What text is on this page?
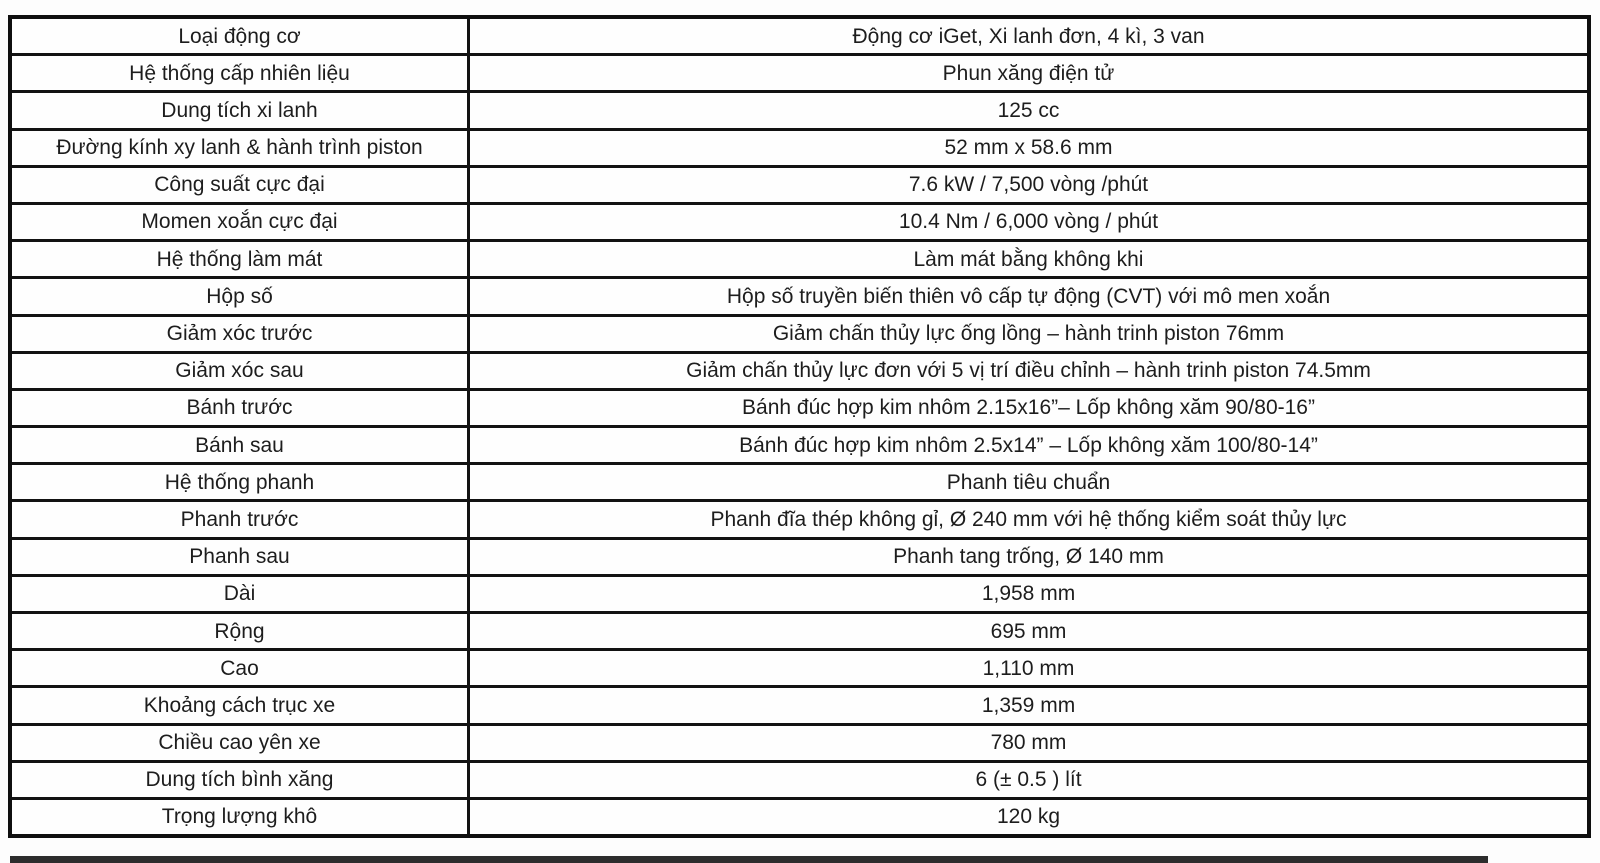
Loại động cơ	Động cơ iGet, Xi lanh đơn, 4 kì, 3 van
Hệ thống cấp nhiên liệu	Phun xăng điện tử
Dung tích xi lanh	125 cc
Đường kính xy lanh & hành trình piston	52 mm x 58.6 mm
Công suất cực đại	7.6 kW / 7,500 vòng /phút
Momen xoắn cực đại	10.4 Nm / 6,000 vòng / phút
Hệ thống làm mát	Làm mát bằng không khi
Hộp số	Hộp số truyền biến thiên vô cấp tự động (CVT) với mô men xoắn
Giảm xóc trước	Giảm chấn thủy lực ống lồng – hành trinh piston 76mm
Giảm xóc sau	Giảm chấn thủy lực đơn với 5 vị trí điều chỉnh – hành trinh piston 74.5mm
Bánh trước	Bánh đúc hợp kim nhôm 2.15x16”– Lốp không xăm 90/80-16”
Bánh sau	Bánh đúc hợp kim nhôm 2.5x14” – Lốp không xăm 100/80-14”
Hệ thống phanh	Phanh tiêu chuẩn
Phanh trước	Phanh đĩa thép không gỉ, Ø 240 mm với hệ thống kiểm soát thủy lực
Phanh sau	Phanh tang trống, Ø 140 mm
Dài	1,958 mm
Rộng	695 mm
Cao	1,110 mm
Khoảng cách trục xe	1,359 mm
Chiều cao yên xe	780 mm
Dung tích bình xăng	6 (± 0.5 ) lít
Trọng lượng khô	120 kg
